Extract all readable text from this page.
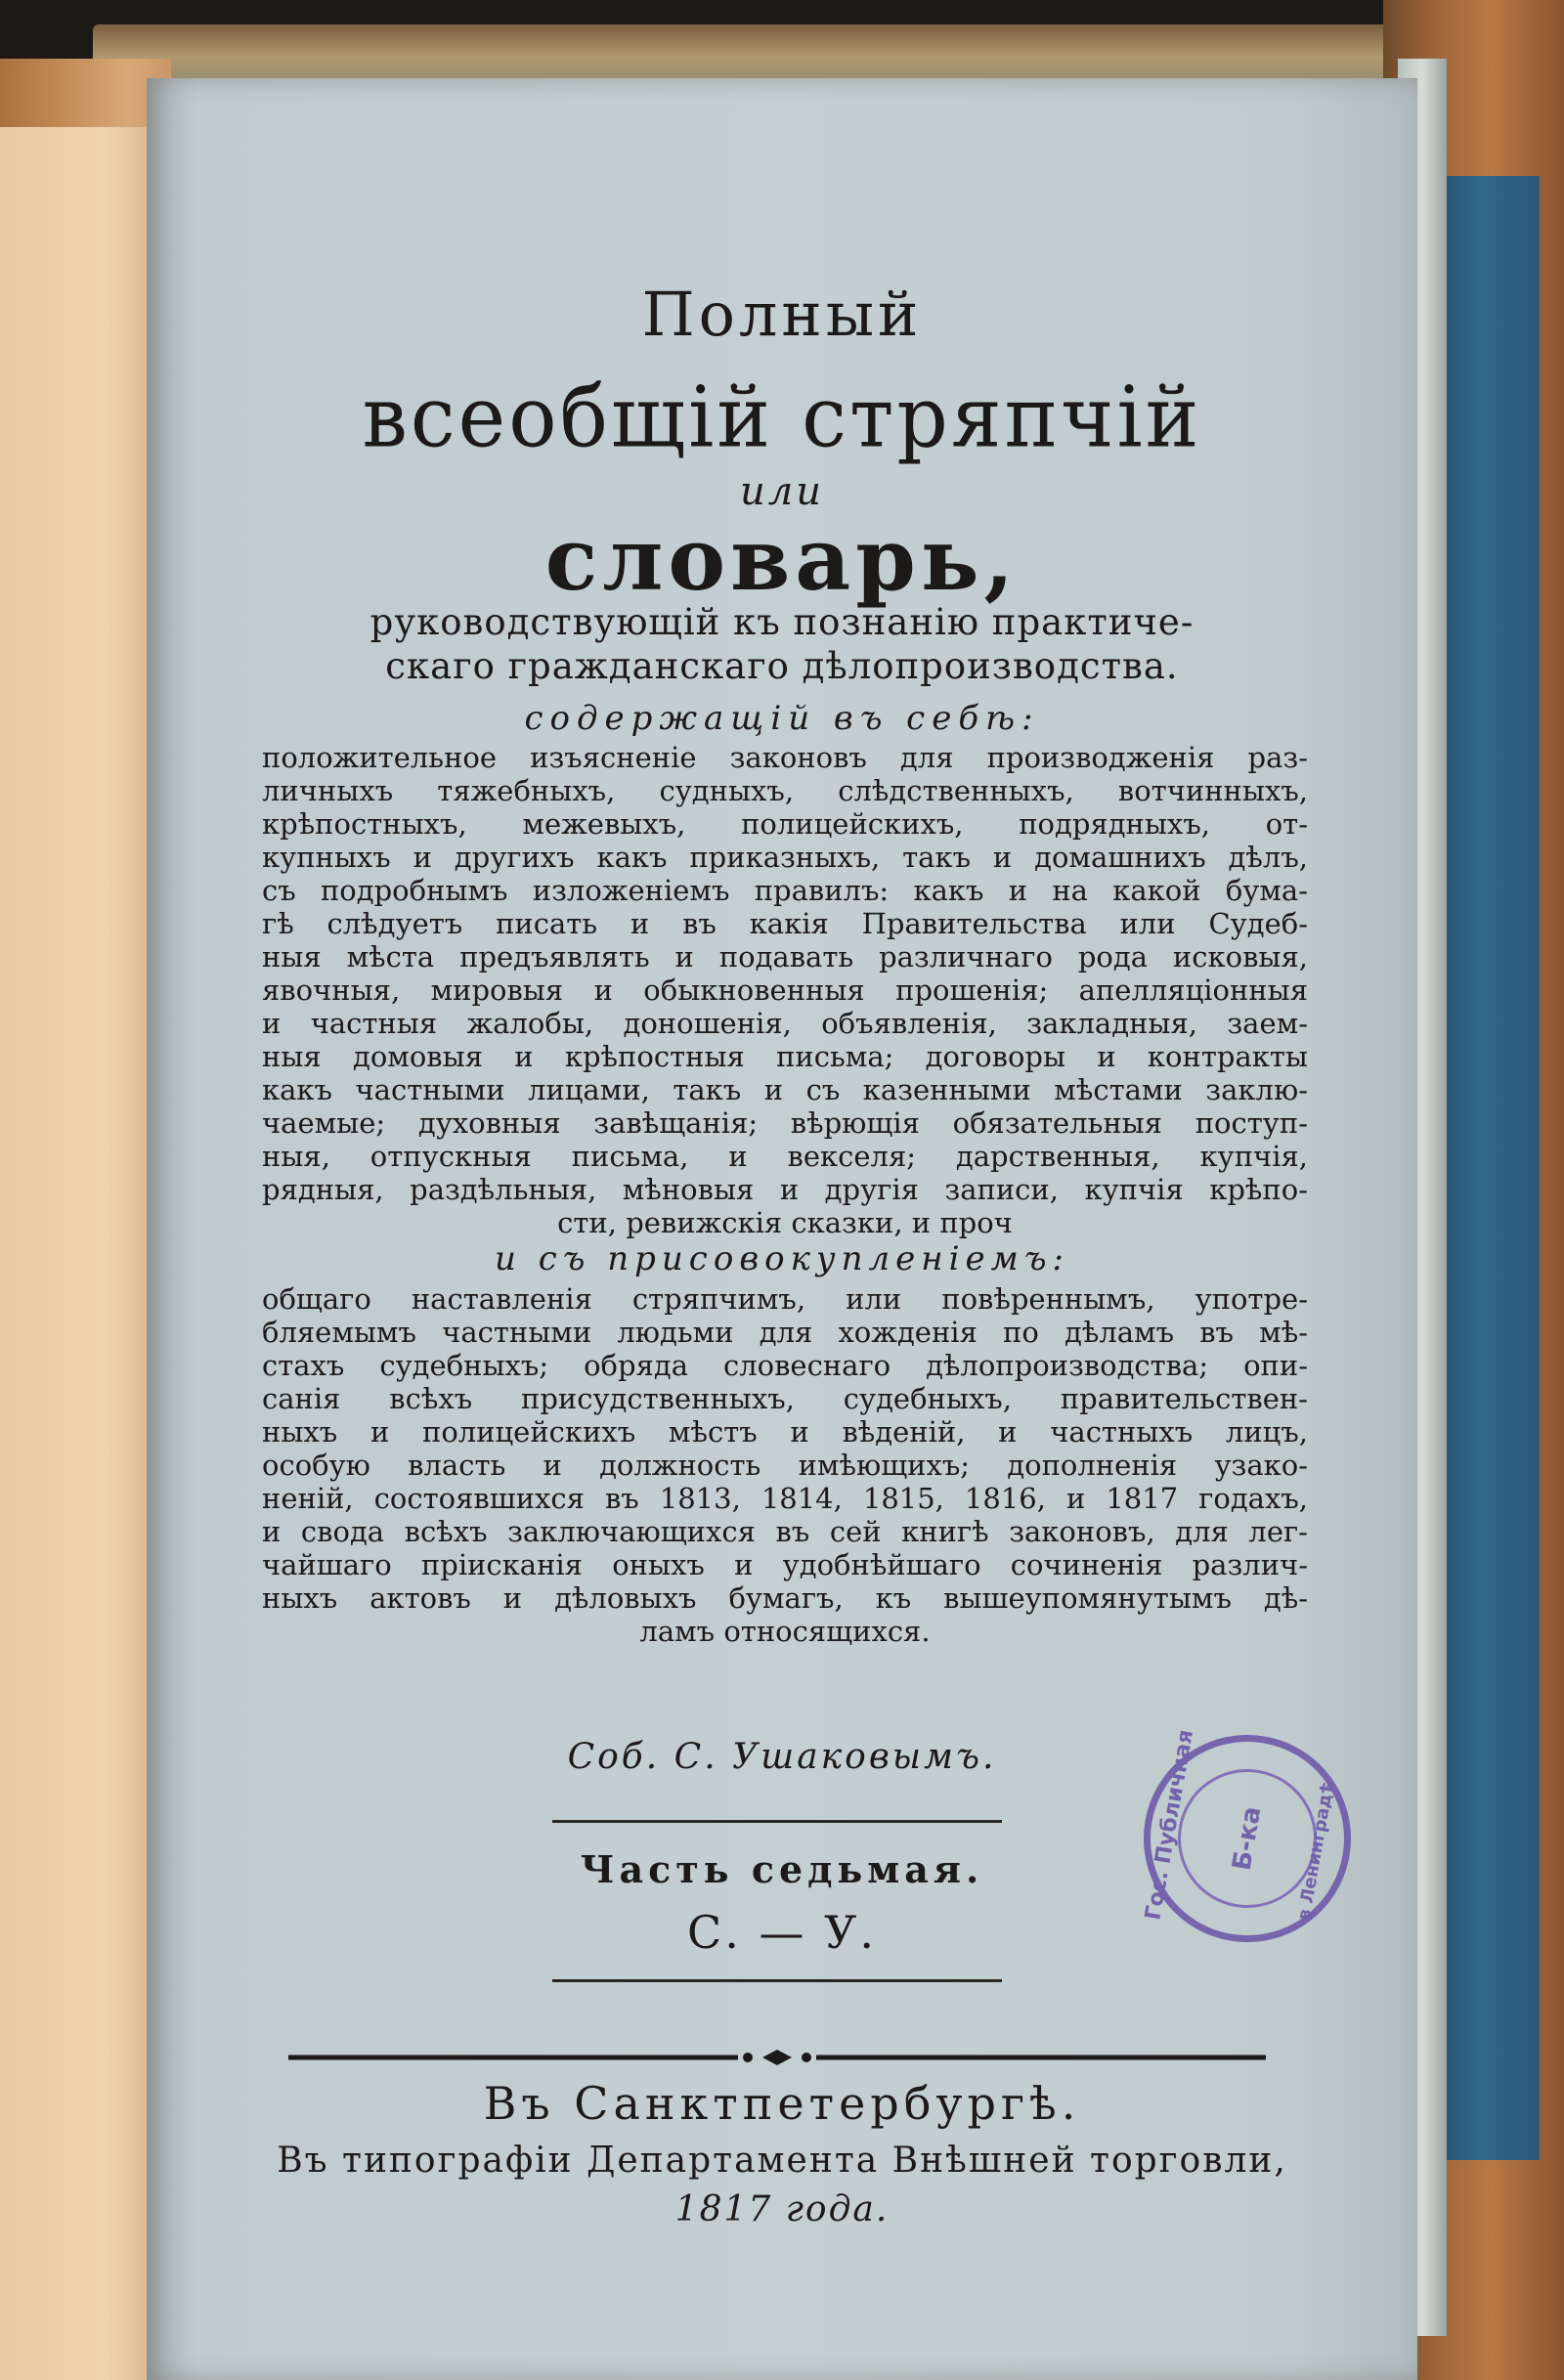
Полный
всеобщій стряпчій
или
словарь,
руководствующій къ познанію практиче-
скаго гражданскаго дѣлопроизводства.
содержащій въ себѣ:
положительное изъясненіе законовъ для производженія раз-
личныхъ тяжебныхъ, судныхъ, слѣдственныхъ, вотчинныхъ,
крѣпостныхъ, межевыхъ, полицейскихъ, подрядныхъ, от-
купныхъ и другихъ какъ приказныхъ, такъ и домашнихъ дѣлъ,
съ подробнымъ изложеніемъ правилъ: какъ и на какой бума-
гѣ слѣдуетъ писать и въ какія Правительства или Судеб-
ныя мѣста предъявлять и подавать различнаго рода исковыя,
явочныя, мировыя и обыкновенныя прошенія; апелляціонныя
и частныя жалобы, доношенія, объявленія, закладныя, заем-
ныя домовыя и крѣпостныя письма; договоры и контракты
какъ частными лицами, такъ и съ казенными мѣстами заклю-
чаемые; духовныя завѣщанія; вѣрющія обязательныя поступ-
ныя, отпускныя письма, и векселя; дарственныя, купчія,
рядныя, раздѣльныя, мѣновыя и другія записи, купчія крѣпо-
сти, ревижскія сказки, и проч
и съ присовокупленіемъ:
общаго наставленія стряпчимъ, или повѣреннымъ, употре-
бляемымъ частными людьми для хожденія по дѣламъ въ мѣ-
стахъ судебныхъ; обряда словеснаго дѣлопроизводства; опи-
санія всѣхъ присудственныхъ, судебныхъ, правительствен-
ныхъ и полицейскихъ мѣстъ и вѣденій, и частныхъ лицъ,
особую власть и должность имѣющихъ; дополненія узако-
неній, состоявшихся въ 1813, 1814, 1815, 1816, и 1817 годахъ,
и свода всѣхъ заключающихся въ сей книгѣ законовъ, для лег-
чайшаго прiисканія оныхъ и удобнѣйшаго сочиненія различ-
ныхъ актовъ и дѣловыхъ бумагъ, къ вышеупомянутымъ дѣ-
ламъ относящихся.
Соб. С. Ушаковымъ.
Часть седьмая.
С. — У.
Въ Санктпетербургѣ.
Въ типографіи Департамента Внѣшней торговли,
1817 года.
Гос. Публичная	Б-ка	в Ленинградѣ
